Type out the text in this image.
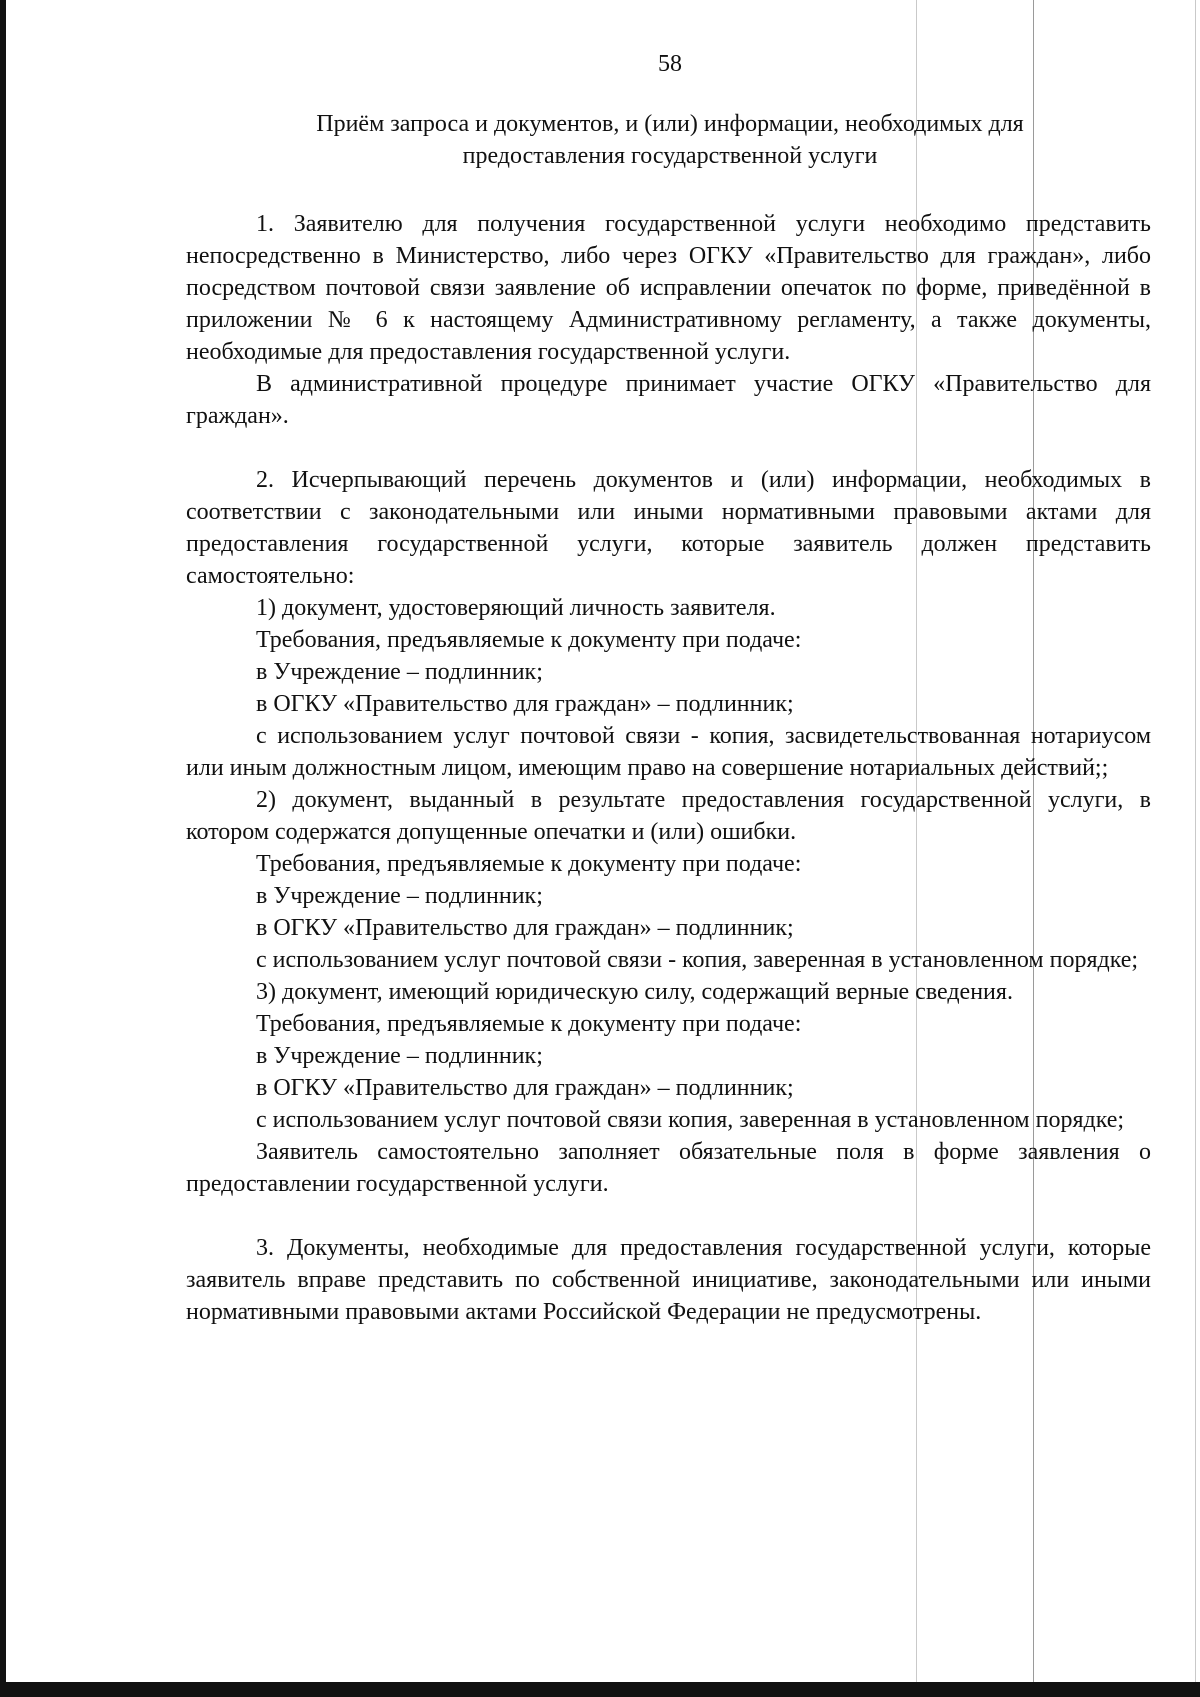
58
Приём запроса и документов, и (или) информации, необходимых для
предоставления государственной услуги

1. Заявителю для получения государственной услуги необходимо представить непосредственно в Министерство, либо через ОГКУ «Правительство для граждан», либо посредством почтовой связи заявление об исправлении опечаток по форме, приведённой в приложении № 6 к настоящему Административному регламенту, а также документы, необходимые для предоставления государственной услуги.

В административной процедуре принимает участие ОГКУ «Правительство для граждан».

2. Исчерпывающий перечень документов и (или) информации, необходимых в соответствии с законодательными или иными нормативными правовыми актами для предоставления государственной услуги, которые заявитель должен представить самостоятельно:

1) документ, удостоверяющий личность заявителя.

Требования, предъявляемые к документу при подаче:

в Учреждение – подлинник;

в ОГКУ «Правительство для граждан» – подлинник;

с использованием услуг почтовой связи - копия, засвидетельствованная нотариусом или иным должностным лицом, имеющим право на совершение нотариальных действий;;

2) документ, выданный в результате предоставления государственной услуги, в котором содержатся допущенные опечатки и (или) ошибки.

Требования, предъявляемые к документу при подаче:

в Учреждение – подлинник;

в ОГКУ «Правительство для граждан» – подлинник;

с использованием услуг почтовой связи - копия, заверенная в установленном порядке;

3) документ, имеющий юридическую силу, содержащий верные сведения.

Требования, предъявляемые к документу при подаче:

в Учреждение – подлинник;

в ОГКУ «Правительство для граждан» – подлинник;

с использованием услуг почтовой связи копия, заверенная в установленном порядке;

Заявитель самостоятельно заполняет обязательные поля в форме заявления о предоставлении государственной услуги.

3. Документы, необходимые для предоставления государственной услуги, которые заявитель вправе представить по собственной инициативе, законодательными или иными нормативными правовыми актами Российской Федерации не предусмотрены.
